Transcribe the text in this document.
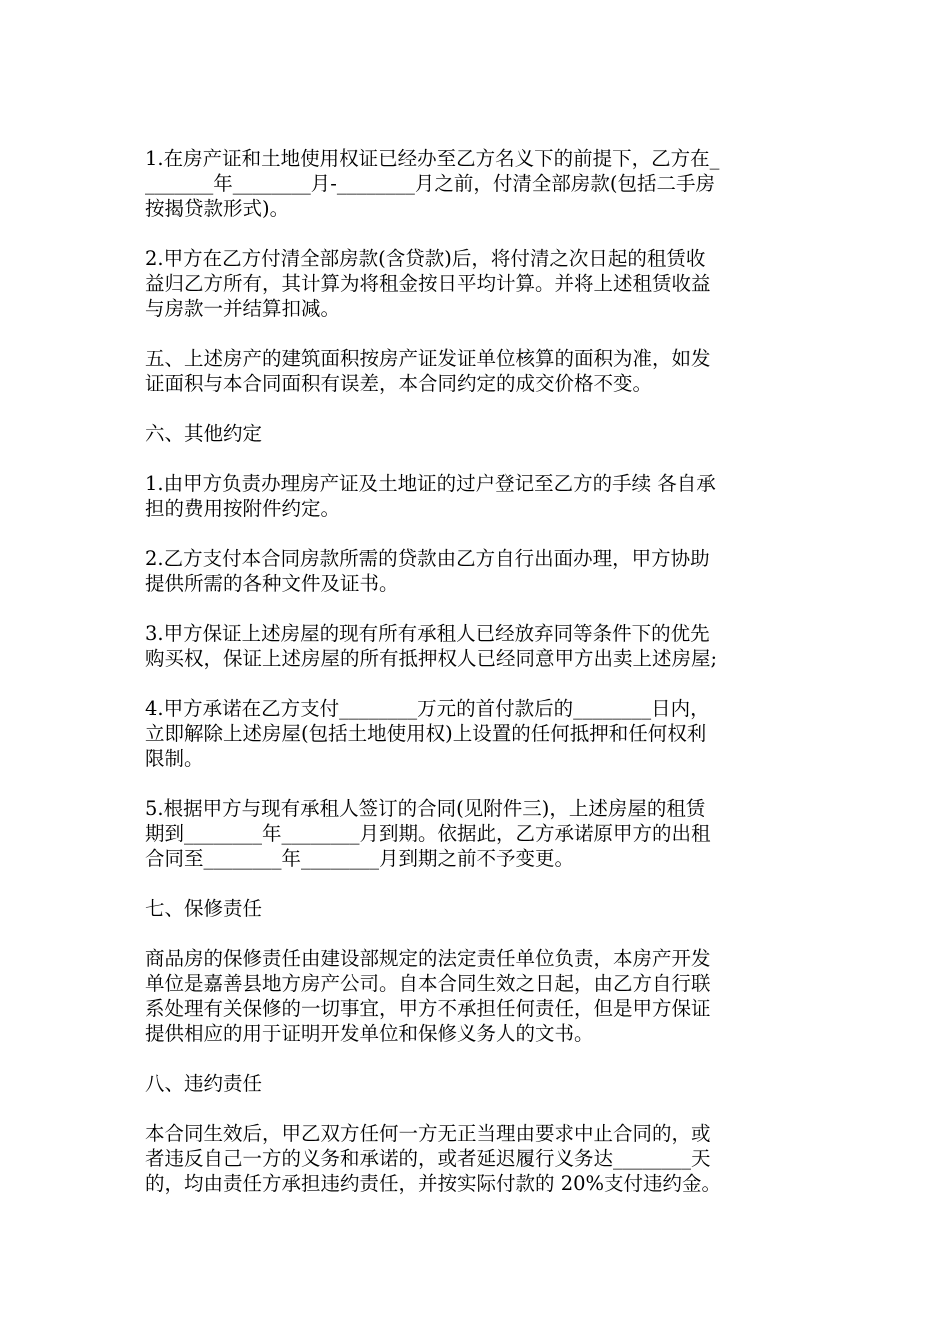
1.在房产证和土地使用权证已经办至乙方名义下的前提下，乙方在_
_______年________月-________月之前，付清全部房款(包括二手房
按揭贷款形式)。
2.甲方在乙方付清全部房款(含贷款)后，将付清之次日起的租赁收
益归乙方所有，其计算为将租金按日平均计算。并将上述租赁收益
与房款一并结算扣减。
五、上述房产的建筑面积按房产证发证单位核算的面积为准，如发
证面积与本合同面积有误差，本合同约定的成交价格不变。
六、其他约定
1.由甲方负责办理房产证及土地证的过户登记至乙方的手续 各自承
担的费用按附件约定。
2.乙方支付本合同房款所需的贷款由乙方自行出面办理，甲方协助
提供所需的各种文件及证书。
3.甲方保证上述房屋的现有所有承租人已经放弃同等条件下的优先
购买权，保证上述房屋的所有抵押权人已经同意甲方出卖上述房屋;
4.甲方承诺在乙方支付________万元的首付款后的________日内，
立即解除上述房屋(包括土地使用权)上设置的任何抵押和任何权利
限制。
5.根据甲方与现有承租人签订的合同(见附件三)，上述房屋的租赁
期到________年________月到期。依据此，乙方承诺原甲方的出租
合同至________年________月到期之前不予变更。
七、保修责任
商品房的保修责任由建设部规定的法定责任单位负责，本房产开发
单位是嘉善县地方房产公司。自本合同生效之日起，由乙方自行联
系处理有关保修的一切事宜，甲方不承担任何责任，但是甲方保证
提供相应的用于证明开发单位和保修义务人的文书。
八、违约责任
本合同生效后，甲乙双方任何一方无正当理由要求中止合同的，或
者违反自己一方的义务和承诺的，或者延迟履行义务达________天
的，均由责任方承担违约责任，并按实际付款的 20%支付违约金。
